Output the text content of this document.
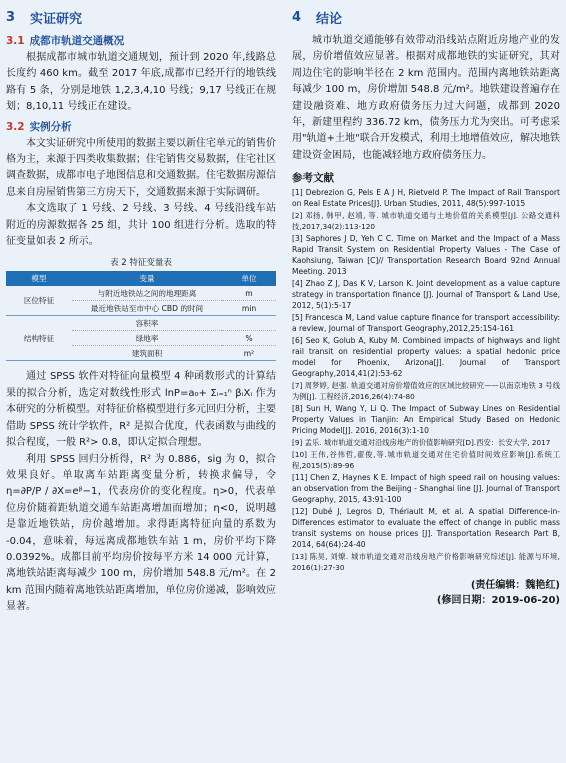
3	实证研究
3.1 成都市轨道交通概况

根据成都市城市轨道交通规划，预计到 2020 年,线路总长度约 460 km。截至 2017 年底,成都市已经开行的地铁线路有 5 条，分别是地铁 1,2,3,4,10 号线；9,17 号线正在规划；8,10,11 号线正在建设。

3.2 实例分析

本文实证研究中所使用的数据主要以新住宅单元的销售价格为主，来源于四类收集数据；住宅销售交易数据，住宅社区调查数据，成都市电子地图信息和交通数据。住宅数据房源信息来自房屋销售第三方房天下，交通数据来源于实际调研。

本文选取了 1 号线、2 号线、3 号线、4 号线沿线车站附近的房源数据各 25 组，共计 100 组进行分析。选取的特征变量如表 2 所示。

表 2 特征变量表
模型	变量	单位
区位特征	与附近地铁站之间的地理距离	m
	最近地铁站至市中心 CBD 的时间	min
结构特征	容积率	
	绿地率	%
	建筑面积	m²

通过 SPSS 软件对特征向量模型 4 种函数形式的计算结果的拟合分析，选定对数线性形式 lnP=a₀+ Σᵢ₌₁ⁿ βᵢXᵢ 作为本研究的分析模型。对特征价格模型进行多元回归分析，主要借助 SPSS 统计学软件，R² 是拟合优度，代表函数与曲线的拟合程度，一般 R²> 0.8，即认定拟合理想。

利用 SPSS 回归分析得，R² 为 0.886，sig 为 0，拟合效果良好。单取离车站距离变量分析，转换求偏导，令 η=∂P/P ∕ ∂X=eᵝ−1，代表房价的变化程度。η>0，代表单位房价随着距轨道交通车站距离增加而增加；η<0，说明越是靠近地铁站，房价越增加。求得距离特征向量的系数为 -0.04，意味着，每远离成都地铁车站 1 m，房价平均下降 0.0392%。成都目前平均房价按每平方米 14 000 元计算，离地铁站距离每减少 100 m，房价增加 548.8 元/m²。在 2 km 范围内随着离地铁站距离增加，单位房价递减，影响效应显著。

4	结论

城市轨道交通能够有效带动沿线站点附近房地产业的发展，房价增值效应显著。根据对成都地铁的实证研究，其对周边住宅的影响半径在 2 km 范围内。范围内离地铁站距离每减少 100 m，房价增加 548.8 元/m²。地铁建设普遍存在建设融资难、地方政府债务压力过大问题，成都到 2020 年，新建里程约 336.72 km，债务压力尤为突出。可考虑采用"轨道+土地"联合开发模式，利用土地增值效应，解决地铁建设资金困局，也能减轻地方政府债务压力。

参考文献
[1] Debrezion G, Pels E A J H, Rietveld P. The Impact of Rail Transport on Real Estate Prices[J]. Urban Studies, 2011, 48(5):997-1015
[2] 邓扬, 韩甲, 赵靖, 等. 城市轨道交通与土地价值的关系模型[J]. 公路交通科技,2017,34(2):113-120
[3] Saphores J D, Yeh C C. Time on Market and the Impact of a Mass Rapid Transit System on Residential Property Values - The Case of Kaohsiung, Taiwan [C]// Transportation Research Board 92nd Annual Meeting. 2013
[4] Zhao Z J, Das K V, Larson K. Joint development as a value capture strategy in transportation finance [J]. Journal of Transport & Land Use, 2012, 5(1):5-17
[5] Francesca M, Land value capture finance for transport accessibility: a review, Journal of Transport Geography,2012,25:154-161
[6] Seo K, Golub A, Kuby M. Combined impacts of highways and light rail transit on residential property values: a spatial hedonic price model for Phoenix, Arizona[J]. Journal of Transport Geography,2014,41(2):53-62
[7] 周梦婷, 赵强. 轨道交通对房价增值效应的区域比较研究——以南京地铁 3 号线为例[J]. 工程经济,2016,26(4):74-80
[8] Sun H, Wang Y, Li Q. The Impact of Subway Lines on Residential Property Values in Tianjin: An Empirical Study Based on Hedonic Pricing Model[J]. 2016, 2016(3):1-10
[9] 孟乐. 城市轨道交通对沿线房地产的价值影响研究[D].西安：长安大学, 2017
[10] 王伟,谷伟哲,翟俊,等.城市轨道交通对住宅价值时间效应影响[J].系统工程,2015(5):89-96
[11] Chen Z, Haynes K E. Impact of high speed rail on housing values: an observation from the Beijing - Shanghai line [J]. Journal of Transport Geography, 2015, 43:91-100
[12] Dubé J, Legros D, Thériault M, et al. A spatial Difference-in-Differences estimator to evaluate the effect of change in public mass transit systems on house prices [J]. Transportation Research Part B, 2014, 64(64):24-40
[13] 陈昊, 刘燎. 城市轨道交通对沿线房地产价格影响研究综述[J]. 能源与环境, 2016(1):27-30
(责任编辑：魏艳红)
(修回日期：2019-06-20)
